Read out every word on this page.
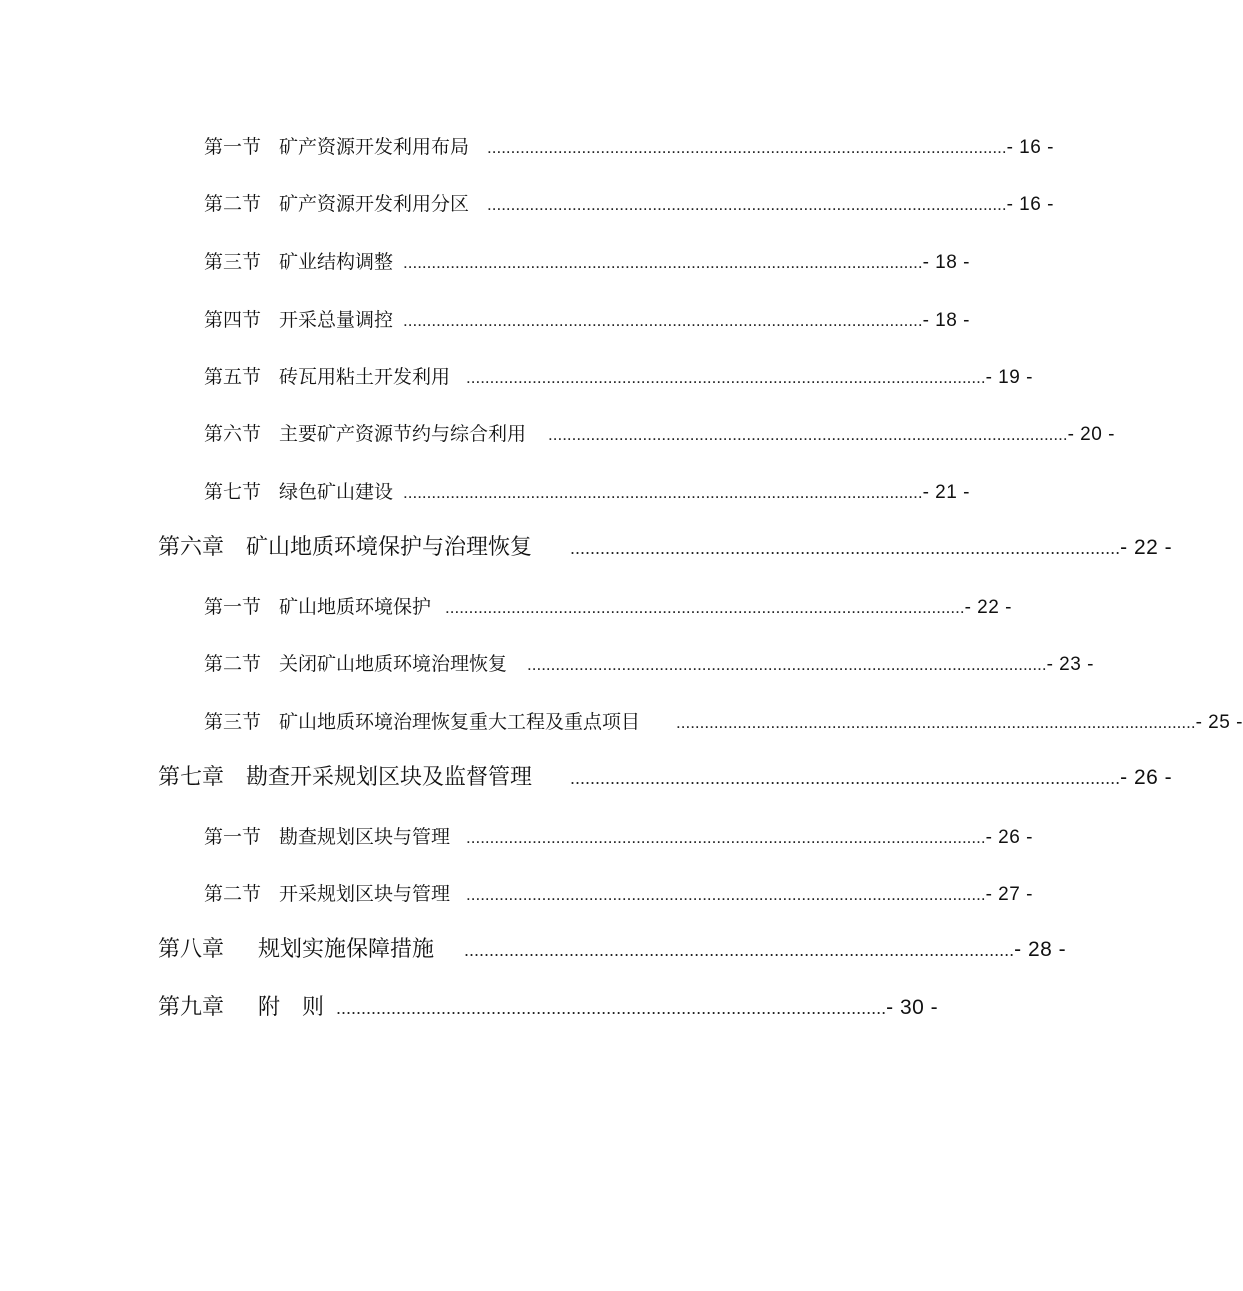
第一节 矿产资源开发利用布局 .............................................................................................................. - 16 -
第二节 矿产资源开发利用分区 .............................................................................................................. - 16 -
第三节 矿业结构调整 .............................................................................................................. - 18 -
第四节 开采总量调控 .............................................................................................................. - 18 -
第五节 砖瓦用粘土开发利用 .............................................................................................................. - 19 -
第六节 主要矿产资源节约与综合利用 .............................................................................................................. - 20 -
第七节 绿色矿山建设 .............................................................................................................. - 21 -
第六章 矿山地质环境保护与治理恢复 .............................................................................................................. - 22 -
第一节 矿山地质环境保护 .............................................................................................................. - 22 -
第二节 关闭矿山地质环境治理恢复 .............................................................................................................. - 23 -
第三节 矿山地质环境治理恢复重大工程及重点项目 .............................................................................................................. - 25 -
第七章 勘查开采规划区块及监督管理 .............................................................................................................. - 26 -
第一节 勘查规划区块与管理 .............................................................................................................. - 26 -
第二节 开采规划区块与管理 .............................................................................................................. - 27 -
第八章 规划实施保障措施 .............................................................................................................. - 28 -
第九章 附　则 .............................................................................................................. - 30 -
